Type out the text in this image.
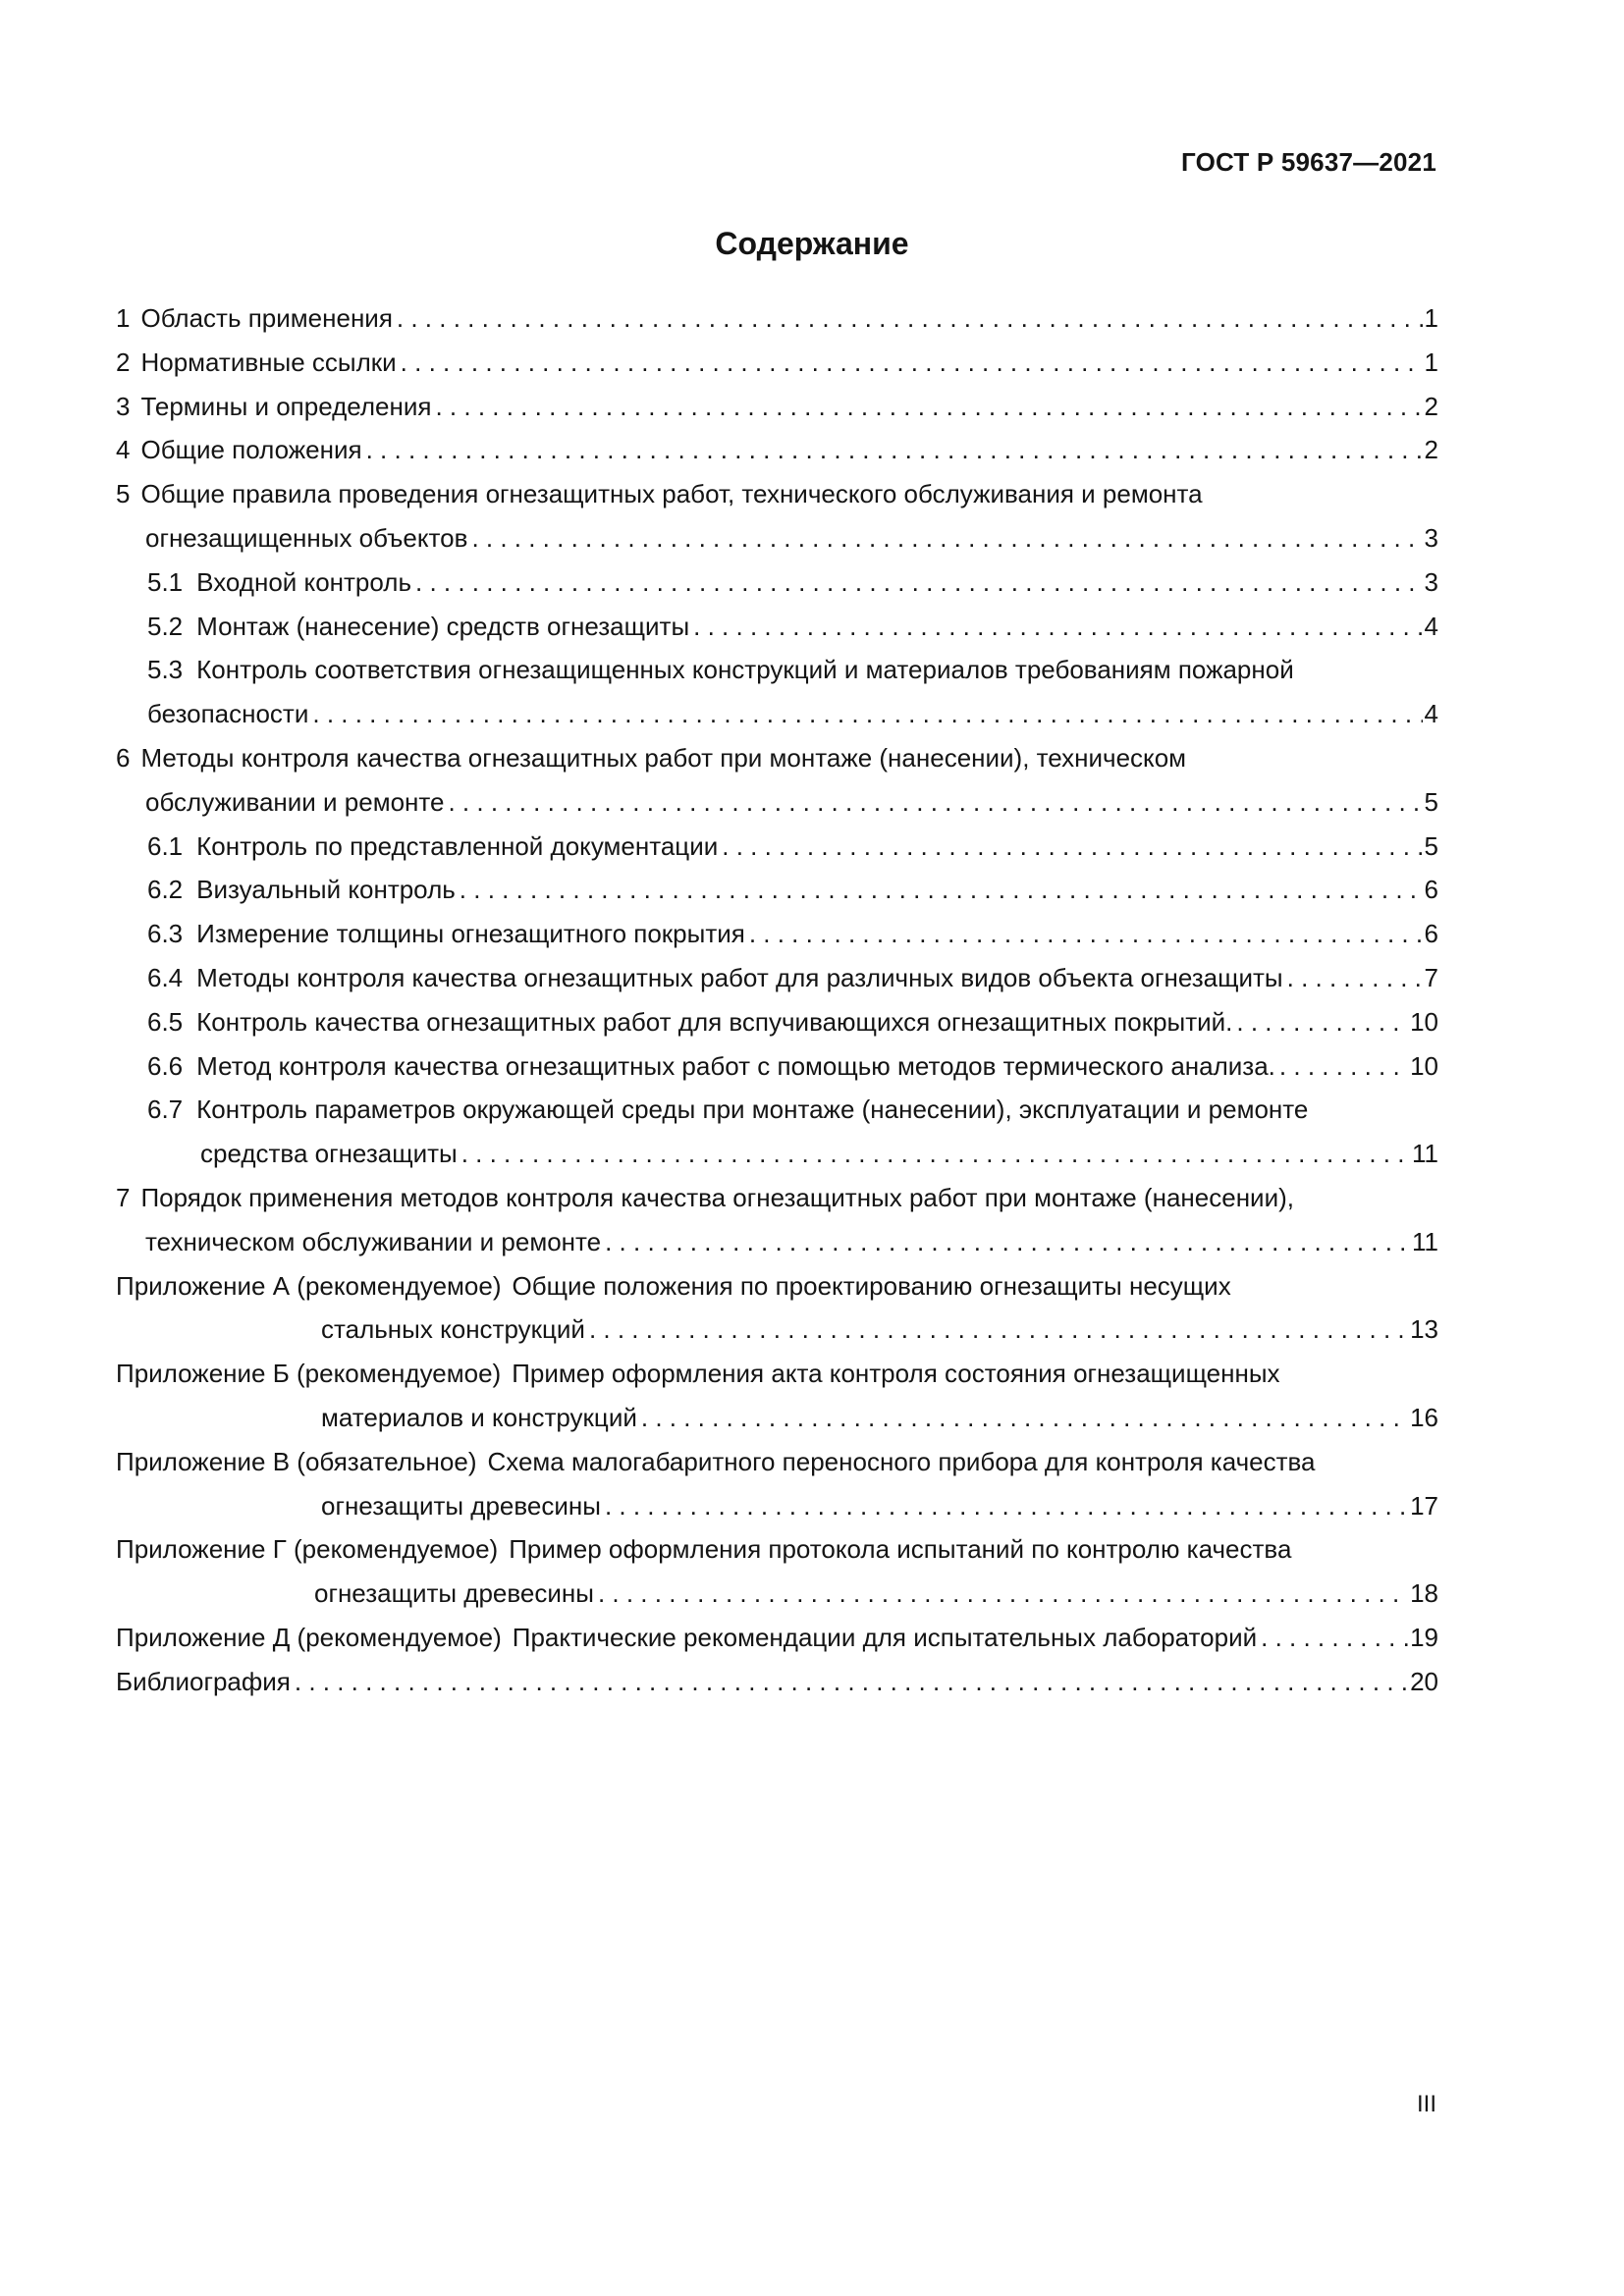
ГОСТ Р 59637—2021
Содержание
1 Область применения . . .	1
2 Нормативные ссылки . . .	1
3 Термины и определения . . .	2
4 Общие положения . . .	2
5 Общие правила проведения огнезащитных работ, технического обслуживания и ремонта
огнезащищенных объектов . . .	3
5.1 Входной контроль . . .	3
5.2 Монтаж (нанесение) средств огнезащиты . . .	4
5.3 Контроль соответствия огнезащищенных конструкций и материалов требованиям пожарной
безопасности . . .	4
6 Методы контроля качества огнезащитных работ при монтаже (нанесении), техническом
обслуживании и ремонте . . .	5
6.1 Контроль по представленной документации . . .	5
6.2 Визуальный контроль . . .	6
6.3 Измерение толщины огнезащитного покрытия . . .	6
6.4 Методы контроля качества огнезащитных работ для различных видов объекта огнезащиты . . .	7
6.5 Контроль качества огнезащитных работ для вспучивающихся огнезащитных покрытий. . . .	10
6.6 Метод контроля качества огнезащитных работ с помощью методов термического анализа. . . .	10
6.7 Контроль параметров окружающей среды при монтаже (нанесении), эксплуатации и ремонте
средства огнезащиты . . .	11
7 Порядок применения методов контроля качества огнезащитных работ при монтаже (нанесении),
техническом обслуживании и ремонте . . .	11
Приложение А (рекомендуемое) Общие положения по проектированию огнезащиты несущих
стальных конструкций . . .	13
Приложение Б (рекомендуемое) Пример оформления акта контроля состояния огнезащищенных
материалов и конструкций . . .	16
Приложение В (обязательное) Схема малогабаритного переносного прибора для контроля качества
огнезащиты древесины . . .	17
Приложение Г (рекомендуемое) Пример оформления протокола испытаний по контролю качества
огнезащиты древесины . . .	18
Приложение Д (рекомендуемое) Практические рекомендации для испытательных лабораторий . . .	19
Библиография . . .	20
III
